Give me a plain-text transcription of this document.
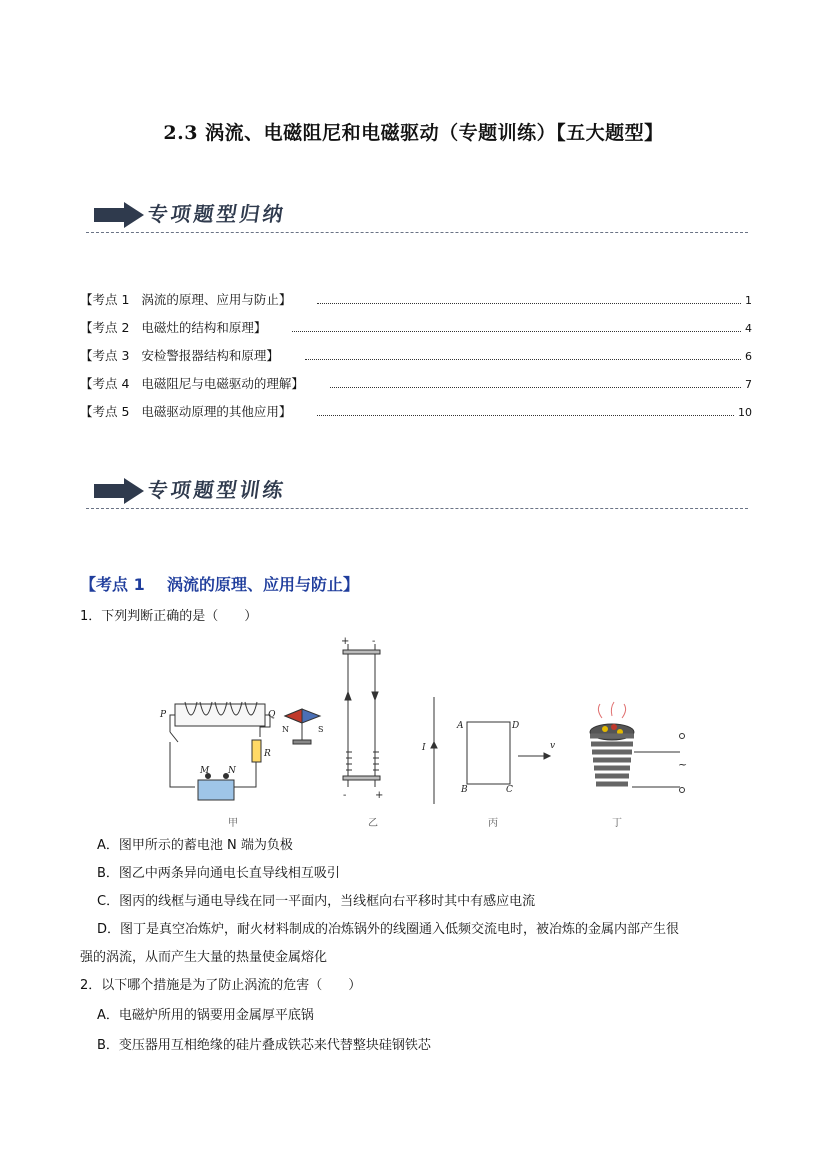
2.3 涡流、电磁阻尼和电磁驱动（专题训练）【五大题型】
专项题型归纳
【考点 1   涡流的原理、应用与防止】	1
【考点 2   电磁灶的结构和原理】	4
【考点 3   安检警报器结构和原理】	6
【考点 4   电磁阻尼与电磁驱动的理解】	7
【考点 5   电磁驱动原理的其他应用】	10
专项题型训练
【考点 1    涡流的原理、应用与防止】
1．下列判断正确的是（　　）
P	Q
R
M N
N	S
+ -
-	+
I
A	D
B	C
v
~
甲	乙	丙	丁
A．图甲所示的蓄电池 N 端为负极
B．图乙中两条异向通电长直导线相互吸引
C．图丙的线框与通电导线在同一平面内，当线框向右平移时其中有感应电流
D．图丁是真空冶炼炉，耐火材料制成的冶炼锅外的线圈通入低频交流电时，被冶炼的金属内部产生很
强的涡流，从而产生大量的热量使金属熔化
2．以下哪个措施是为了防止涡流的危害（　　）
A．电磁炉所用的锅要用金属厚平底锅
B．变压器用互相绝缘的硅片叠成铁芯来代替整块硅钢铁芯
